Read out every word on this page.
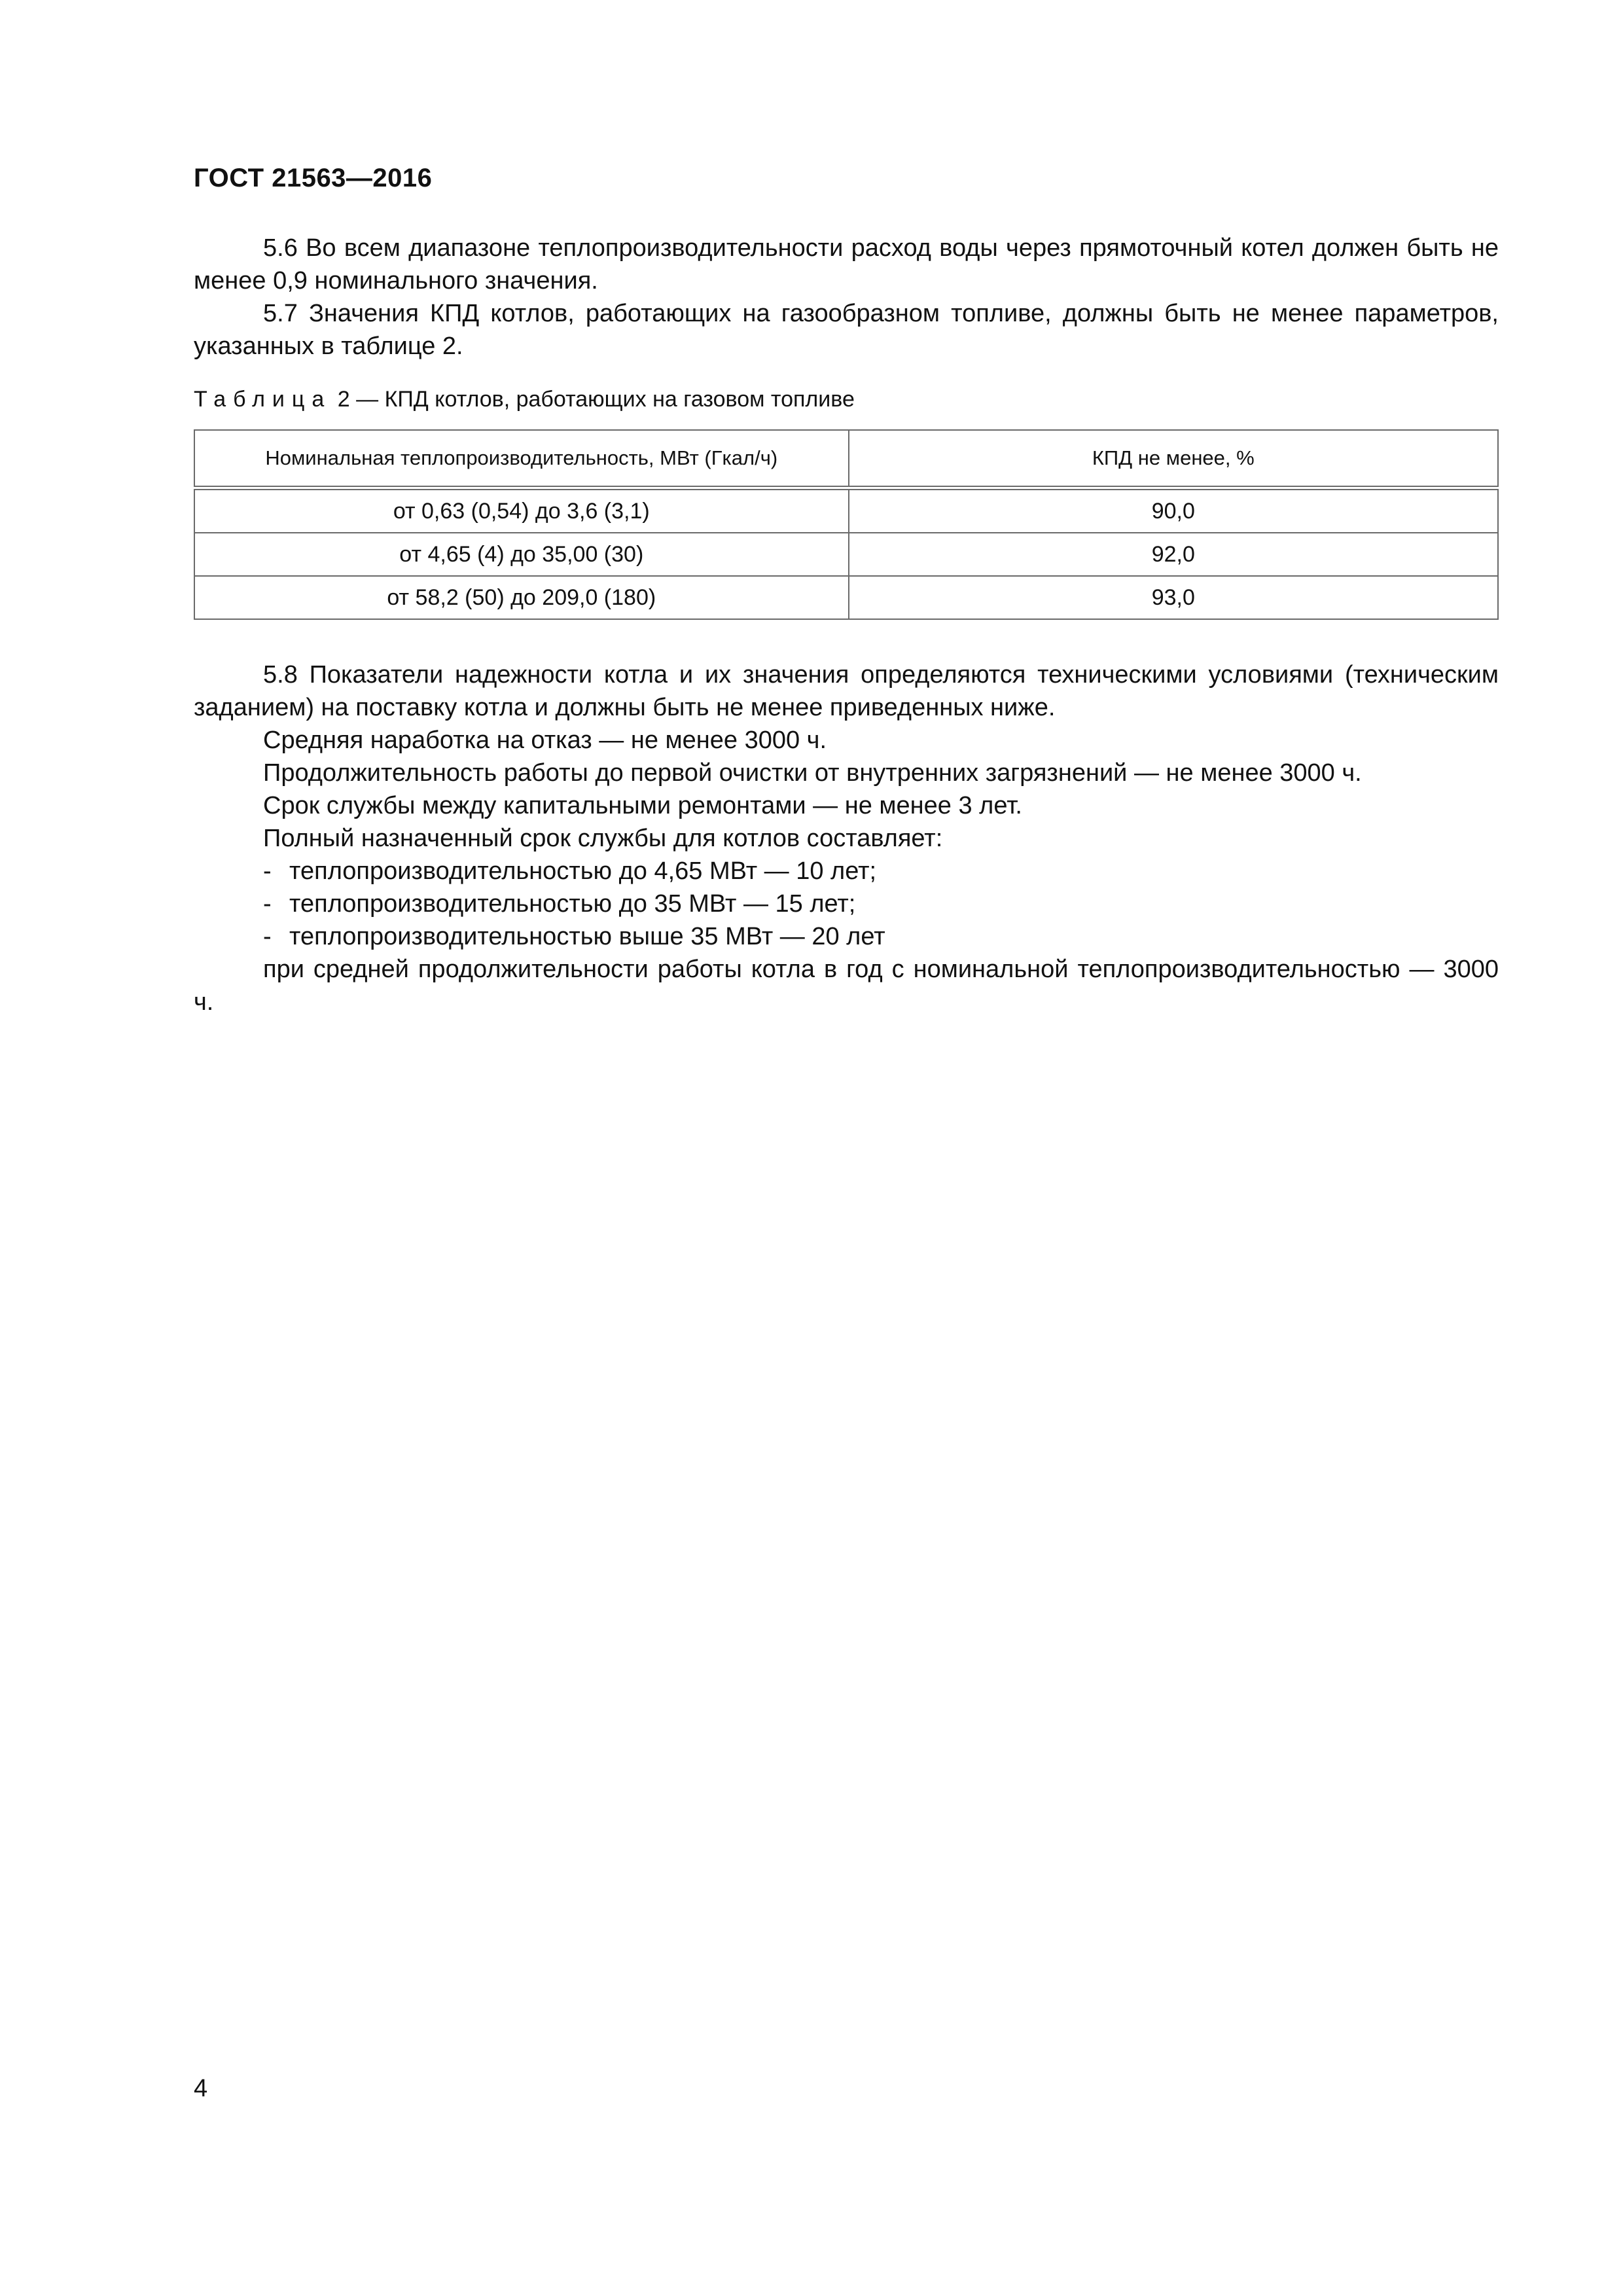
ГОСТ 21563—2016

5.6 Во всем диапазоне теплопроизводительности расход воды через прямоточный котел должен быть не менее 0,9 номинального значения.

5.7 Значения КПД котлов, работающих на газообразном топливе, должны быть не менее параметров, указанных в таблице 2.

Таблица 2 — КПД котлов, работающих на газовом топливе
Номинальная теплопроизводительность, МВт (Гкал/ч)	КПД не менее, %
от 0,63 (0,54) до 3,6 (3,1)	90,0
от 4,65 (4) до 35,00 (30)	92,0
от 58,2 (50) до 209,0 (180)	93,0

5.8 Показатели надежности котла и их значения определяются техническими условиями (техническим заданием) на поставку котла и должны быть не менее приведенных ниже.

Средняя наработка на отказ — не менее 3000 ч.

Продолжительность работы до первой очистки от внутренних загрязнений — не менее 3000 ч.

Срок службы между капитальными ремонтами — не менее 3 лет.

Полный назначенный срок службы для котлов составляет:

- теплопроизводительностью до 4,65 МВт — 10 лет;

- теплопроизводительностью до 35 МВт — 15 лет;

- теплопроизводительностью выше 35 МВт — 20 лет

при средней продолжительности работы котла в год с номинальной теплопроизводительностью — 3000 ч.

4
